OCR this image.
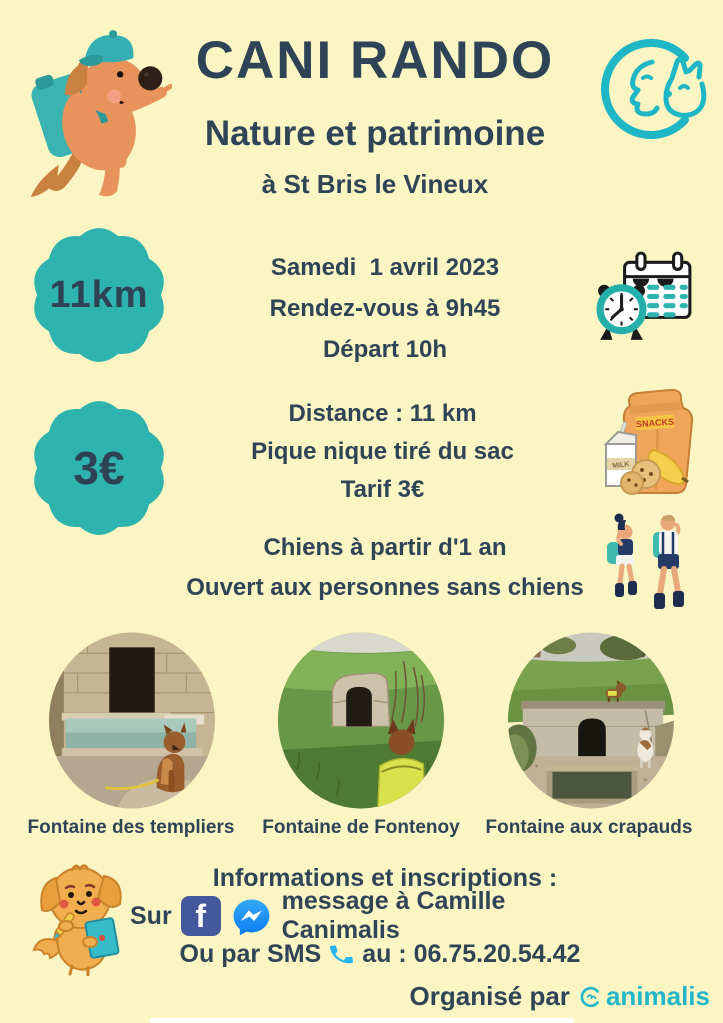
CANI RANDO
Nature et patrimoine
à St Bris le Vineux
11km
Samedi  1 avril 2023
Rendez-vous à 9h45
Départ 10h
3€
Distance : 11 km
Pique nique tiré du sac
Tarif 3€
SNACKS
MILK
Chiens à partir d'1 an
Ouvert aux personnes sans chiens
Fontaine des templiers	Fontaine de Fontenoy	Fontaine aux crapauds
Informations et inscriptions :
Sur f	message à Camille Canimalis
Ou par SMS au : 06.75.20.54.42
Organisé par animalis
